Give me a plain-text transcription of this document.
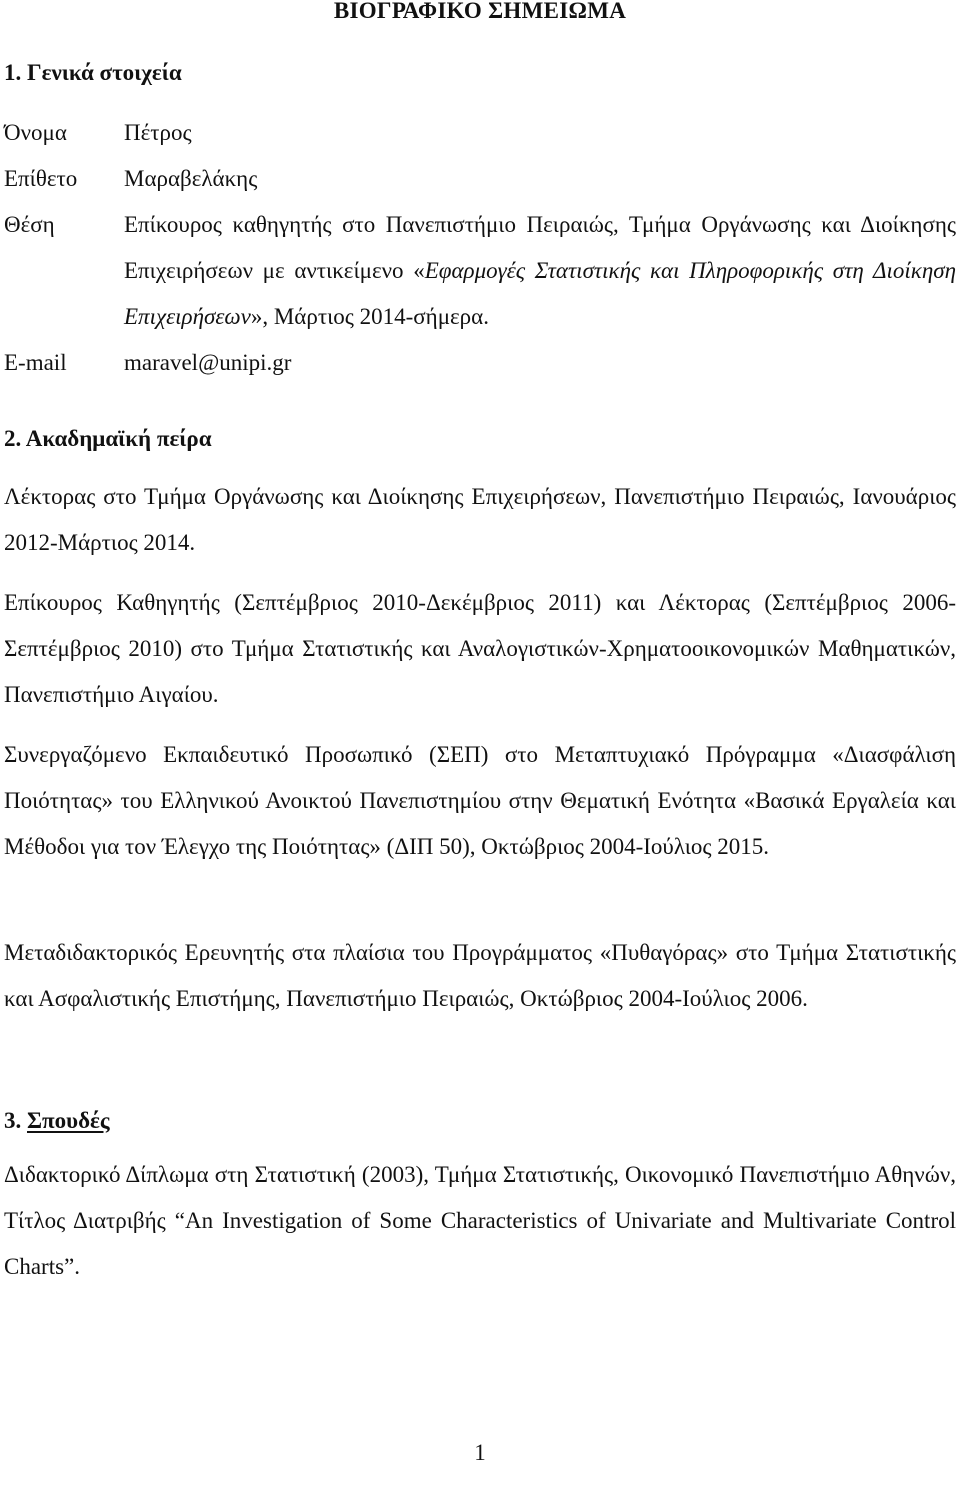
ΒΙΟΓΡΑΦΙΚΟ ΣΗΜΕΙΩΜΑ
1. Γενικά στοιχεία
Όνομα	Πέτρος
Επίθετο	Μαραβελάκης
Θέση	Επίκουρος καθηγητής στο Πανεπιστήμιο Πειραιώς, Τμήμα Οργάνωσης και Διοίκησης Επιχειρήσεων με αντικείμενο «Εφαρμογές Στατιστικής και Πληροφορικής στη Διοίκηση Επιχειρήσεων», Μάρτιος 2014-σήμερα.
E-mail	maravel@unipi.gr
2. Ακαδημαϊκή πείρα

Λέκτορας στο Τμήμα Οργάνωσης και Διοίκησης Επιχειρήσεων, Πανεπιστήμιο Πειραιώς, Ιανουάριος 2012-Μάρτιος 2014.

Επίκουρος Καθηγητής (Σεπτέμβριος 2010-Δεκέμβριος 2011) και Λέκτορας (Σεπτέμβριος 2006-Σεπτέμβριος 2010) στο Τμήμα Στατιστικής και Αναλογιστικών-Χρηματοοικονομικών Μαθηματικών, Πανεπιστήμιο Αιγαίου.

Συνεργαζόμενο Εκπαιδευτικό Προσωπικό (ΣΕΠ) στο Μεταπτυχιακό Πρόγραμμα «Διασφάλιση Ποιότητας» του Ελληνικού Ανοικτού Πανεπιστημίου στην Θεματική Ενότητα «Βασικά Εργαλεία και Μέθοδοι για τον Έλεγχο της Ποιότητας» (ΔΙΠ 50), Οκτώβριος 2004-Ιούλιος 2015.

Μεταδιδακτορικός Ερευνητής στα πλαίσια του Προγράμματος «Πυθαγόρας» στο Τμήμα Στατιστικής και Ασφαλιστικής Επιστήμης, Πανεπιστήμιο Πειραιώς, Οκτώβριος 2004-Ιούλιος 2006.

3. Σπουδές

Διδακτορικό Δίπλωμα στη Στατιστική (2003), Τμήμα Στατιστικής, Οικονομικό Πανεπιστήμιο Αθηνών, Τίτλος Διατριβής “An Investigation of Some Characteristics of Univariate and Multivariate Control Charts”.

1
